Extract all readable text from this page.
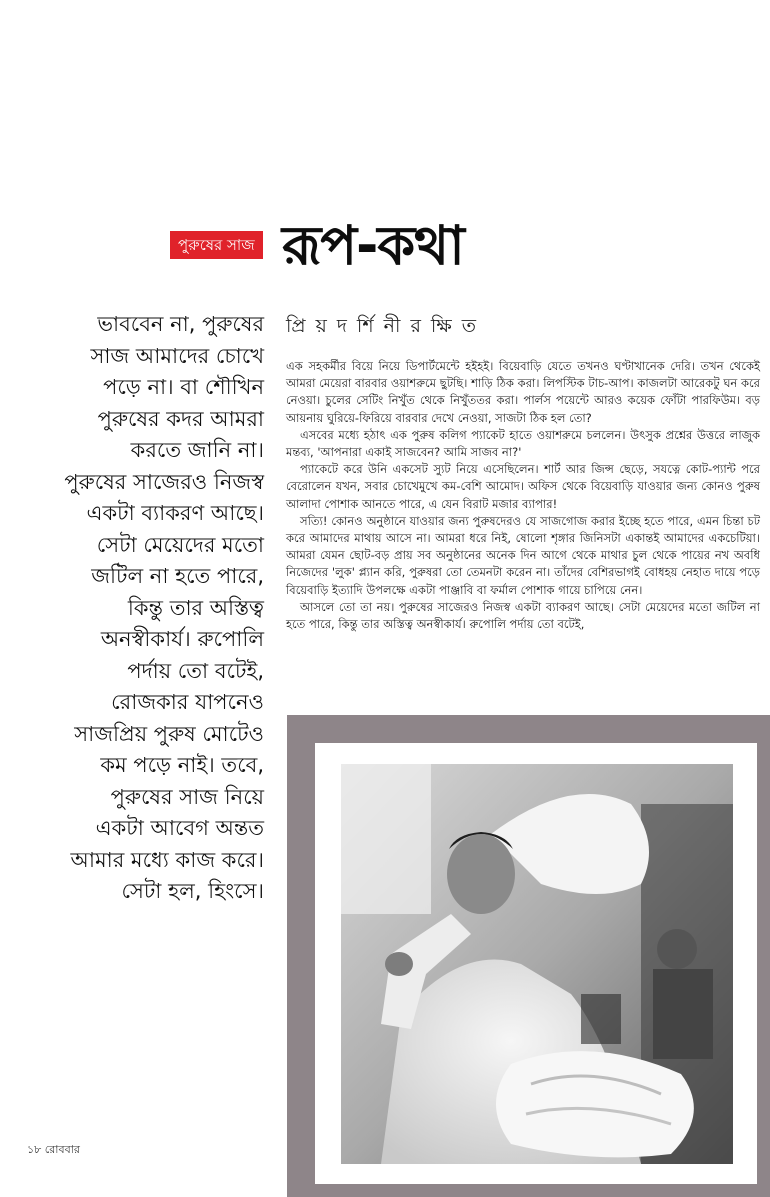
পুরুষের সাজ রূপ-কথা
প্রি য় দ র্শি নী র ক্ষি ত
ভাববেন না, পুরুষের
সাজ আমাদের চোখে
পড়ে না। বা শৌখিন
পুরুষের কদর আমরা
করতে জানি না।
পুরুষের সাজেরও নিজস্ব
একটা ব্যাকরণ আছে।
সেটা মেয়েদের মতো
জটিল না হতে পারে,
কিন্তু তার অস্তিত্ব
অনস্বীকার্য। রুপোলি
পর্দায় তো বটেই,
রোজকার যাপনেও
সাজপ্রিয় পুরুষ মোটেও
কম পড়ে নাই। তবে,
পুরুষের সাজ নিয়ে
একটা আবেগ অন্তত
আমার মধ্যে কাজ করে।
সেটা হল, হিংসে।

এক সহকর্মীর বিয়ে নিয়ে ডিপার্টমেন্টে হইহই। বিয়েবাড়ি যেতে তখনও ঘণ্টাখানেক দেরি। তখন থেকেই আমরা মেয়েরা বারবার ওয়াশরুমে ছুটছি। শাড়ি ঠিক করা। লিপস্টিক টাচ-আপ। কাজলটা আরেকটু ঘন করে নেওয়া। চুলের সেটিং নিখুঁত থেকে নিখুঁততর করা। পার্লস পয়েন্টে আরও কয়েক ফোঁটা পারফিউম। বড় আয়নায় ঘুরিয়ে-ফিরিয়ে বারবার দেখে নেওয়া, সাজটা ঠিক হল তো?

এসবের মধ্যে হঠাৎ এক পুরুষ কলিগ প্যাকেট হাতে ওয়াশরুমে চললেন। উৎসুক প্রশ্নের উত্তরে লাজুক মন্তব্য, 'আপনারা একাই সাজবেন? আমি সাজব না?'

প্যাকেটে করে উনি একসেট স্যুট নিয়ে এসেছিলেন। শার্ট আর জিন্স ছেড়ে, সযত্নে কোট-প্যান্ট পরে বেরোলেন যখন, সবার চোখেমুখে কম-বেশি আমোদ। অফিস থেকে বিয়েবাড়ি যাওয়ার জন্য কোনও পুরুষ আলাদা পোশাক আনতে পারে, এ যেন বিরাট মজার ব্যাপার!

সত্যি! কোনও অনুষ্ঠানে যাওয়ার জন্য পুরুষদেরও যে সাজগোজ করার ইচ্ছে হতে পারে, এমন চিন্তা চট করে আমাদের মাথায় আসে না। আমরা ধরে নিই, ষোলো শৃঙ্গার জিনিসটা একান্তই আমাদের একচেটিয়া। আমরা যেমন ছোট-বড় প্রায় সব অনুষ্ঠানের অনেক দিন আগে থেকে মাথার চুল থেকে পায়ের নখ অবধি নিজেদের 'লুক' প্ল্যান করি, পুরুষরা তো তেমনটা করেন না। তাঁদের বেশিরভাগই বোধহয় নেহাত দায়ে পড়ে বিয়েবাড়ি ইত্যাদি উপলক্ষে একটা পাঞ্জাবি বা ফর্মাল পোশাক গায়ে চাপিয়ে নেন।

আসলে তো তা নয়। পুরুষের সাজেরও নিজস্ব একটা ব্যাকরণ আছে। সেটা মেয়েদের মতো জটিল না হতে পারে, কিন্তু তার অস্তিত্ব অনস্বীকার্য। রুপোলি পর্দায় তো বটেই,

১৮ রোববার
